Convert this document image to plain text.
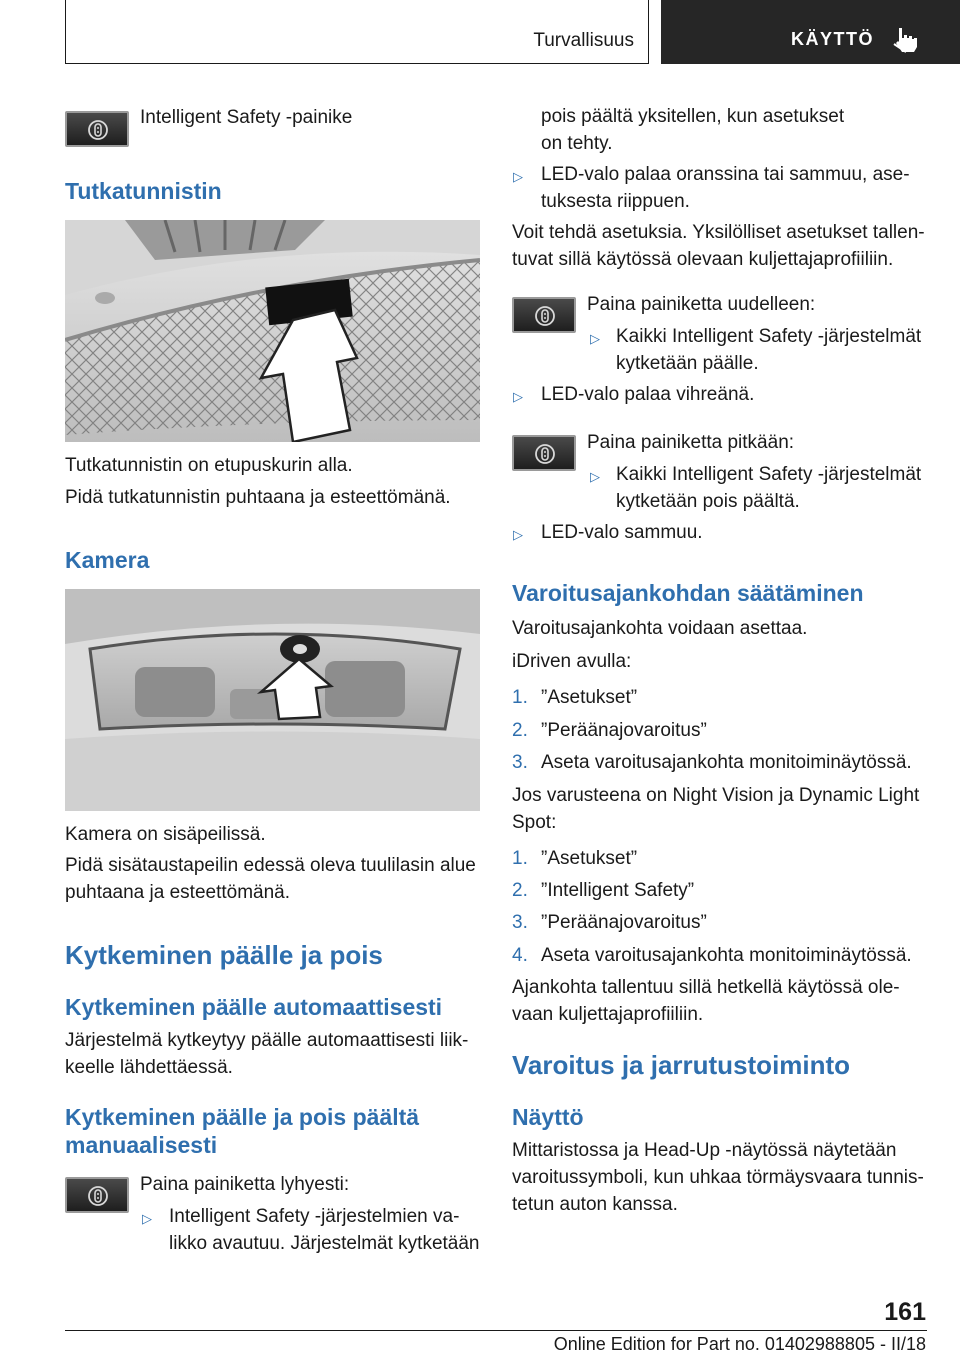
Turvallisuus	KÄYTTÖ

Intelligent Safety -painike

Tutkatunnistin

Tutkatunnistin on etupuskurin alla.

Pidä tutkatunnistin puhtaana ja esteettömänä.

Kamera

Kamera on sisäpeilissä.

Pidä sisätaustapeilin edessä oleva tuulilasin alue

puhtaana ja esteettömänä.

Kytkeminen päälle ja pois
Kytkeminen päälle automaattisesti

Järjestelmä kytkeytyy päälle automaattisesti liik-

keelle lähdettäessä.

Kytkeminen päälle ja pois päältä
manuaalisesti

Paina painiketta lyhyesti:

▷ Intelligent Safety -järjestelmien va-

likko avautuu. Järjestelmät kytketään

pois päältä yksitellen, kun asetukset

on tehty.

▷ LED-valo palaa oranssina tai sammuu, ase-

tuksesta riippuen.

Voit tehdä asetuksia. Yksilölliset asetukset tallen-

tuvat sillä käytössä olevaan kuljettajaprofiiliin.

Paina painiketta uudelleen:

▷ Kaikki Intelligent Safety -järjestelmät

kytketään päälle.

▷ LED-valo palaa vihreänä.

Paina painiketta pitkään:

▷ Kaikki Intelligent Safety -järjestelmät

kytketään pois päältä.

▷ LED-valo sammuu.

Varoitusajankohdan säätäminen

Varoitusajankohta voidaan asettaa.

iDriven avulla:

1. ”Asetukset”

2. ”Peräänajovaroitus”

3. Aseta varoitusajankohta monitoiminäytössä.

Jos varusteena on Night Vision ja Dynamic Light

Spot:

1. ”Asetukset”

2. ”Intelligent Safety”

3. ”Peräänajovaroitus”

4. Aseta varoitusajankohta monitoiminäytössä.

Ajankohta tallentuu sillä hetkellä käytössä ole-

vaan kuljettajaprofiiliin.

Varoitus ja jarrutustoiminto
Näyttö

Mittaristossa ja Head-Up -näytössä näytetään

varoitussymboli, kun uhkaa törmäysvaara tunnis-

tetun auton kanssa.

161
Online Edition for Part no. 01402988805 - II/18
